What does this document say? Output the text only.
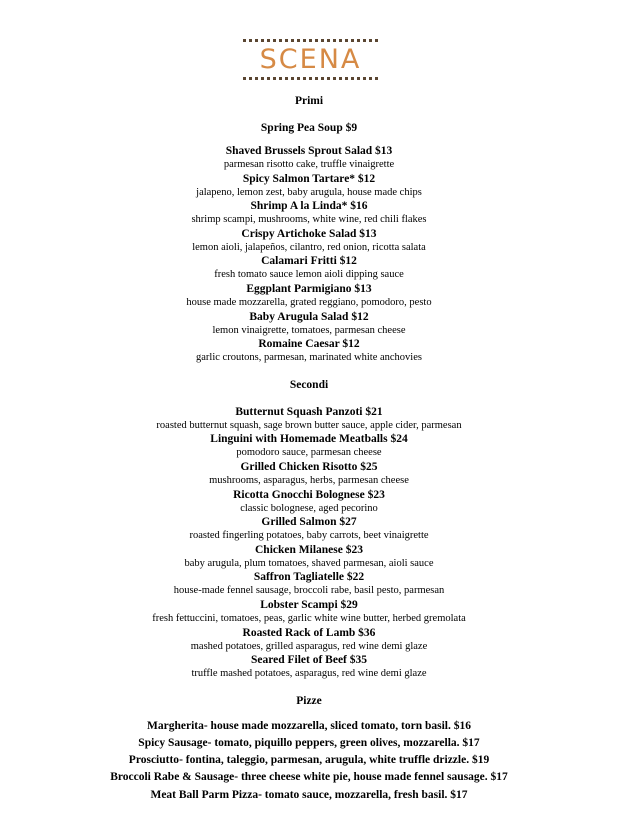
SCENA
Primi
Spring Pea Soup $9
Shaved Brussels Sprout Salad $13
parmesan risotto cake, truffle vinaigrette
Spicy Salmon Tartare* $12
jalapeno, lemon zest, baby arugula, house made chips
Shrimp A la Linda* $16
shrimp scampi, mushrooms, white wine, red chili flakes
Crispy Artichoke Salad $13
lemon aioli, jalapeños, cilantro, red onion, ricotta salata
Calamari Fritti $12
fresh tomato sauce lemon aioli dipping sauce
Eggplant Parmigiano $13
house made mozzarella, grated reggiano, pomodoro, pesto
Baby Arugula Salad $12
lemon vinaigrette, tomatoes, parmesan cheese
Romaine Caesar $12
garlic croutons, parmesan, marinated white anchovies
Secondi
Butternut Squash Panzoti $21
roasted butternut squash, sage brown butter sauce, apple cider, parmesan
Linguini with Homemade Meatballs $24
pomodoro sauce, parmesan cheese
Grilled Chicken Risotto $25
mushrooms, asparagus, herbs, parmesan cheese
Ricotta Gnocchi Bolognese $23
classic bolognese, aged pecorino
Grilled Salmon $27
roasted fingerling potatoes, baby carrots, beet vinaigrette
Chicken Milanese $23
baby arugula, plum tomatoes, shaved parmesan, aioli sauce
Saffron Tagliatelle $22
house-made fennel sausage, broccoli rabe, basil pesto, parmesan
Lobster Scampi $29
fresh fettuccini, tomatoes, peas, garlic white wine butter, herbed gremolata
Roasted Rack of Lamb $36
mashed potatoes, grilled asparagus, red wine demi glaze
Seared Filet of Beef $35
truffle mashed potatoes, asparagus, red wine demi glaze
Pizze
Margherita- house made mozzarella, sliced tomato, torn basil. $16
Spicy Sausage- tomato, piquillo peppers, green olives, mozzarella. $17
Prosciutto- fontina, taleggio, parmesan, arugula, white truffle drizzle. $19
Broccoli Rabe & Sausage- three cheese white pie, house made fennel sausage. $17
Meat Ball Parm Pizza- tomato sauce, mozzarella, fresh basil. $17
